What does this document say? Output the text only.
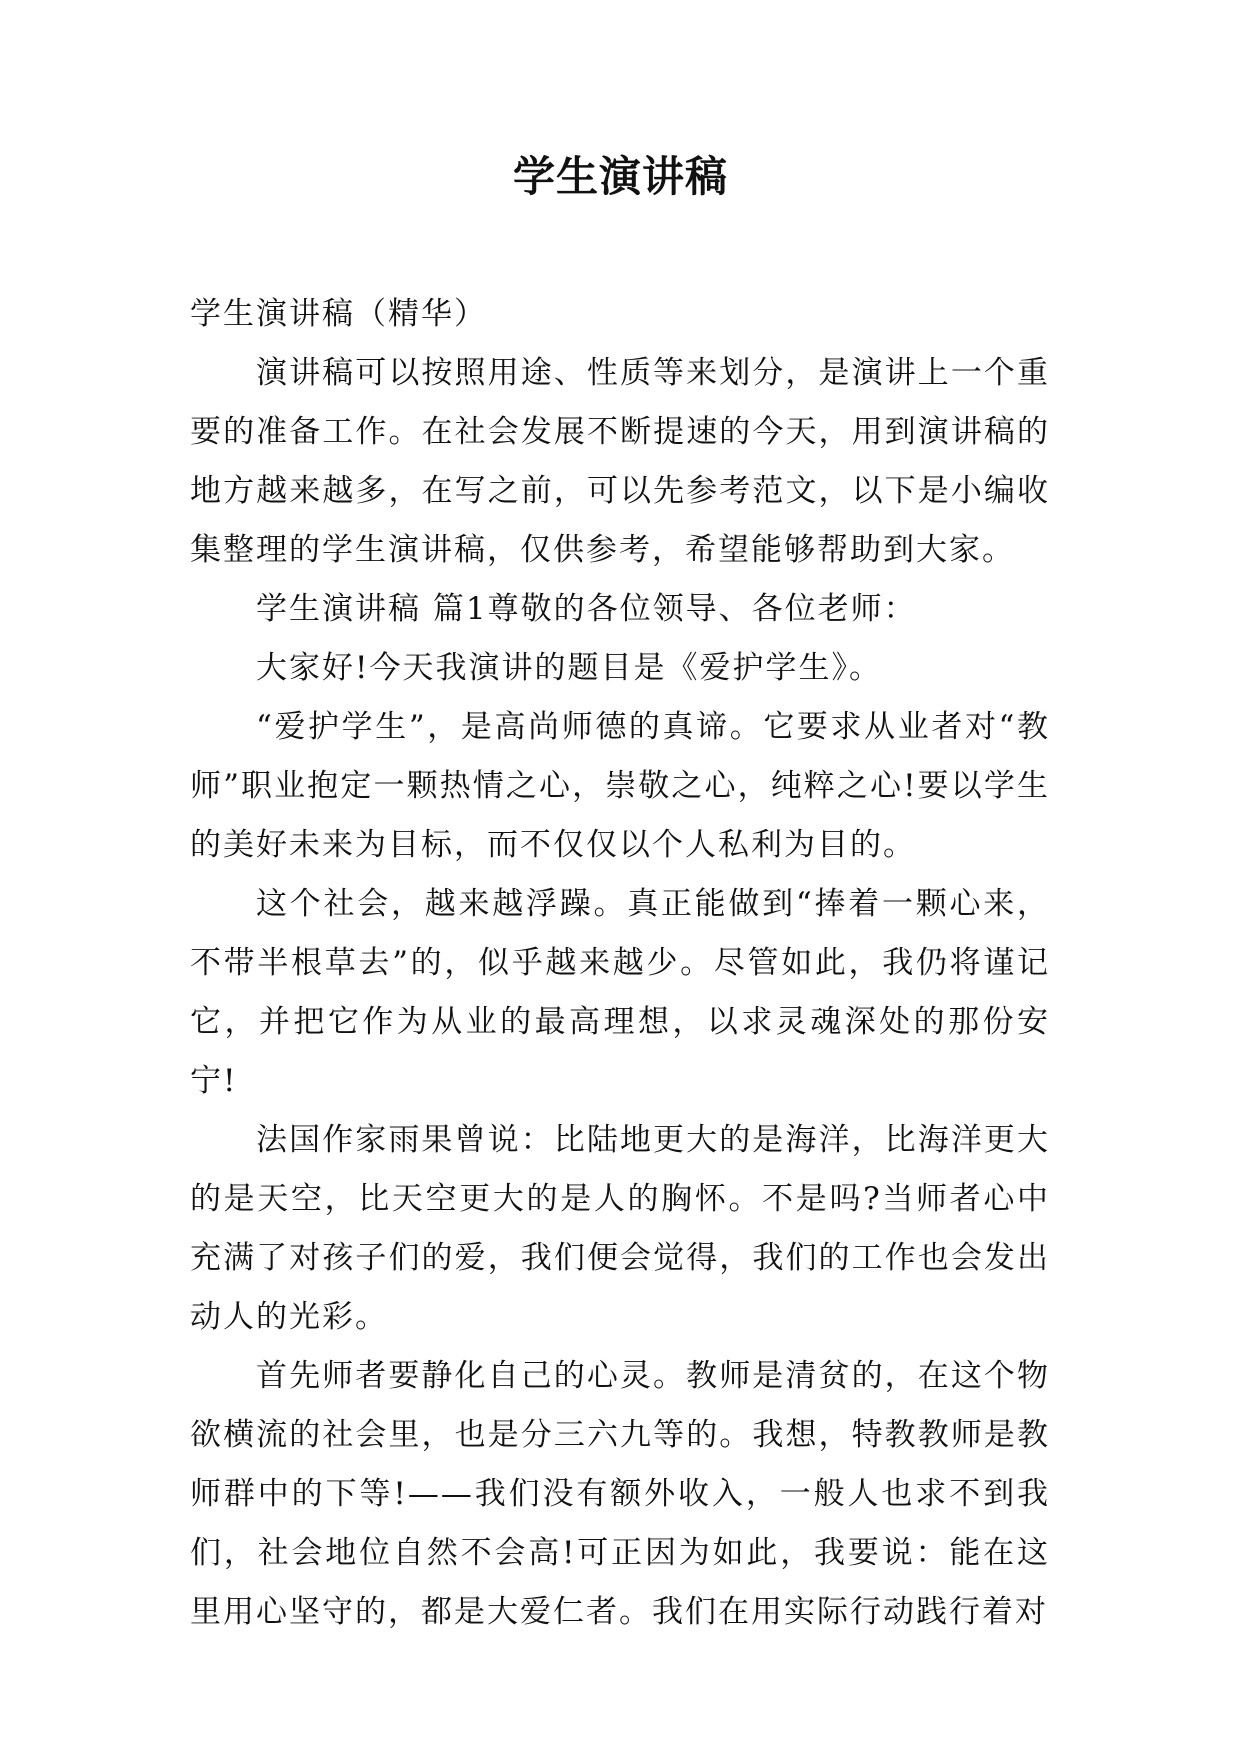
学生演讲稿

学生演讲稿（精华）

演讲稿可以按照用途、性质等来划分，是演讲上一个重要的准备工作。在社会发展不断提速的今天，用到演讲稿的地方越来越多，在写之前，可以先参考范文，以下是小编收集整理的学生演讲稿，仅供参考，希望能够帮助到大家。

学生演讲稿 篇1尊敬的各位领导、各位老师：

大家好!今天我演讲的题目是《爱护学生》。

“爱护学生”，是高尚师德的真谛。它要求从业者对“教师”职业抱定一颗热情之心，崇敬之心，纯粹之心!要以学生的美好未来为目标，而不仅仅以个人私利为目的。

这个社会，越来越浮躁。真正能做到“捧着一颗心来，不带半根草去”的，似乎越来越少。尽管如此，我仍将谨记它，并把它作为从业的最高理想，以求灵魂深处的那份安宁!

法国作家雨果曾说：比陆地更大的是海洋，比海洋更大的是天空，比天空更大的是人的胸怀。不是吗?当师者心中充满了对孩子们的爱，我们便会觉得，我们的工作也会发出动人的光彩。

首先师者要静化自己的心灵。教师是清贫的，在这个物欲横流的社会里，也是分三六九等的。我想，特教教师是教师群中的下等!——我们没有额外收入，一般人也求不到我们，社会地位自然不会高!可正因为如此，我要说：能在这里用心坚守的，都是大爱仁者。我们在用实际行动践行着对
